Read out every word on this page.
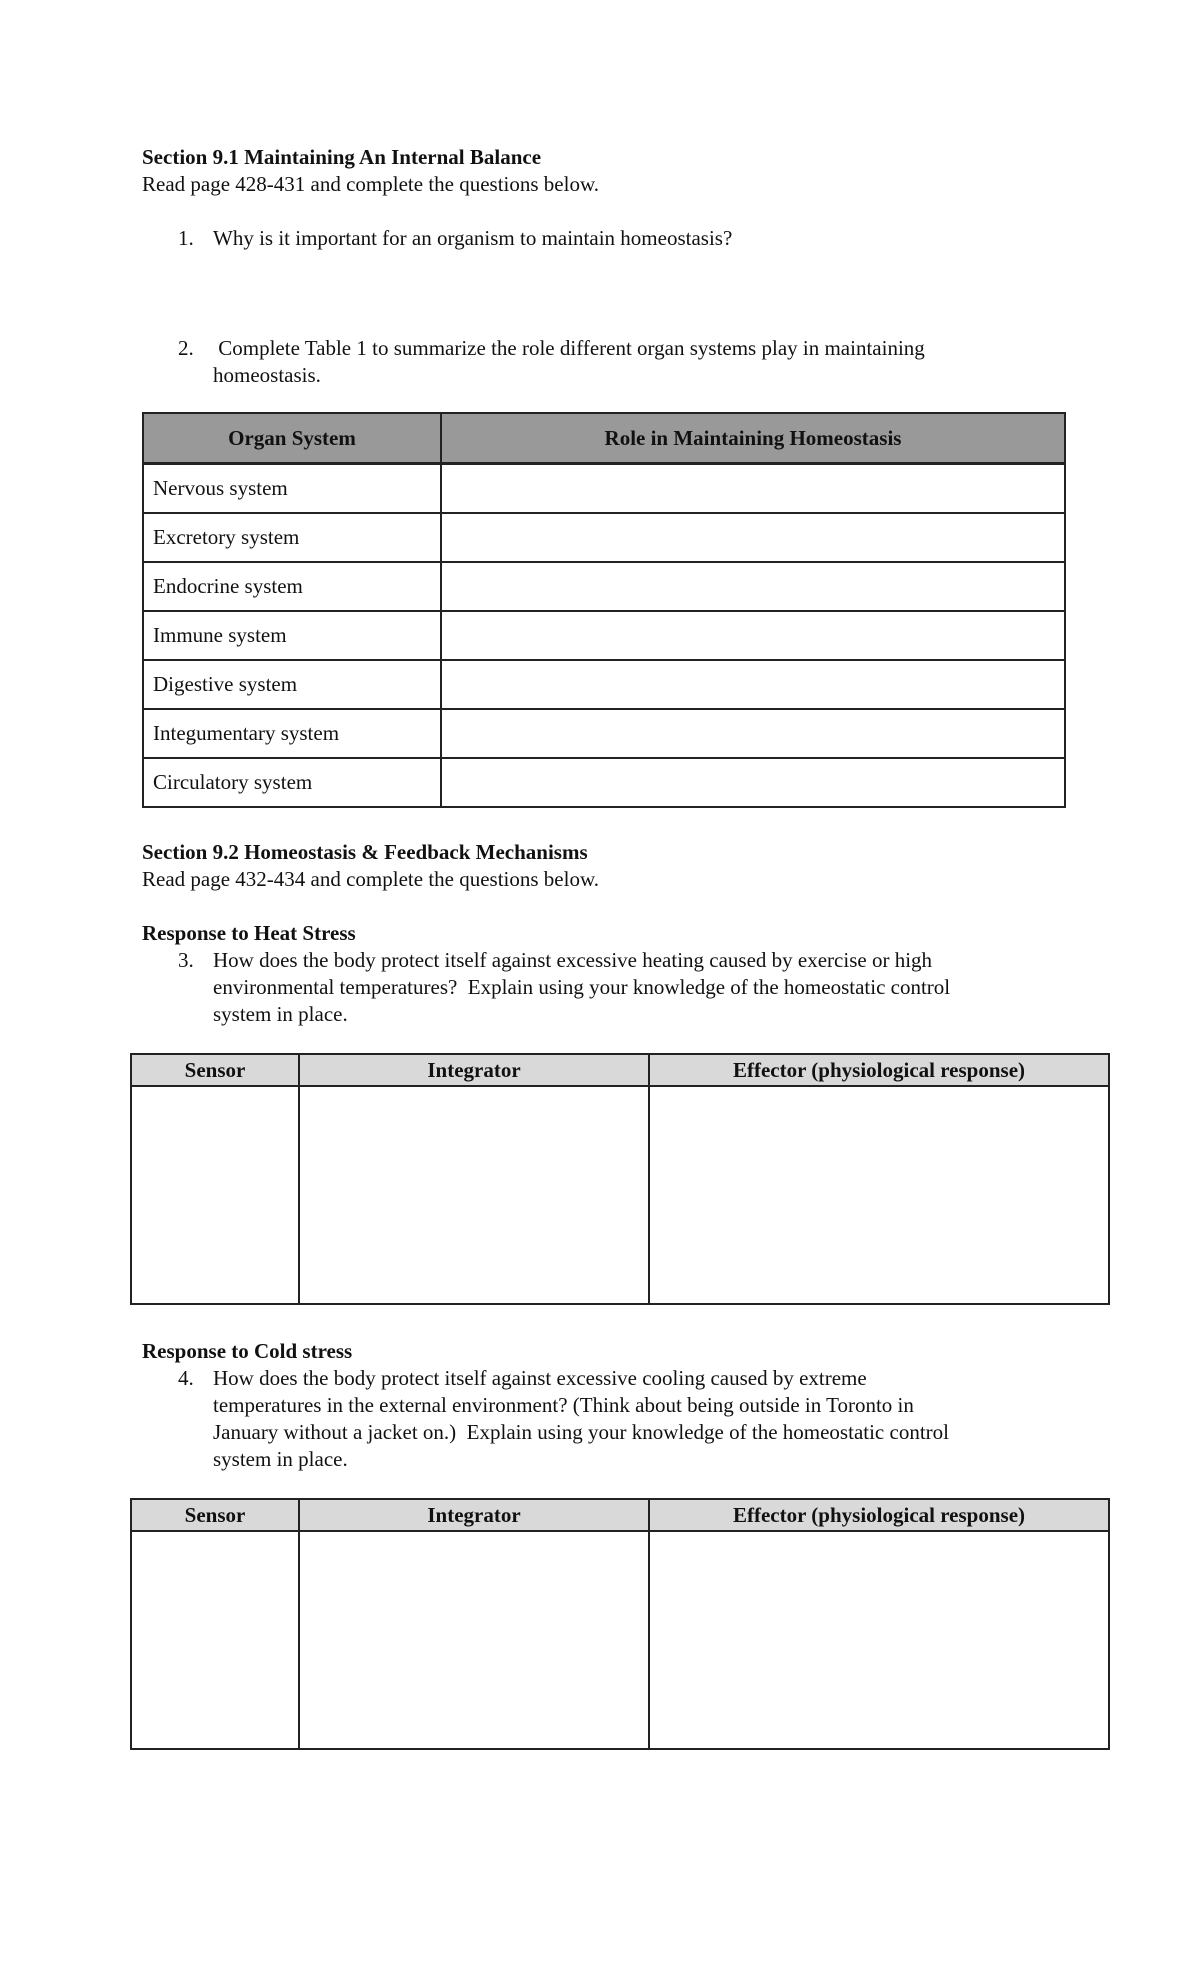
Section 9.1 Maintaining An Internal Balance
Read page 428-431 and complete the questions below.
1. Why is it important for an organism to maintain homeostasis?
2. Complete Table 1 to summarize the role different organ systems play in maintaining
homeostasis.
Organ System	Role in Maintaining Homeostasis
Nervous system	
Excretory system	
Endocrine system	
Immune system	
Digestive system	
Integumentary system	
Circulatory system	
Section 9.2 Homeostasis & Feedback Mechanisms
Read page 432-434 and complete the questions below.
Response to Heat Stress
3. How does the body protect itself against excessive heating caused by exercise or high
environmental temperatures?  Explain using your knowledge of the homeostatic control
system in place.
Sensor	Integrator	Effector (physiological response)

Response to Cold stress
4. How does the body protect itself against excessive cooling caused by extreme
temperatures in the external environment? (Think about being outside in Toronto in
January without a jacket on.)  Explain using your knowledge of the homeostatic control
system in place.
Sensor	Integrator	Effector (physiological response)
